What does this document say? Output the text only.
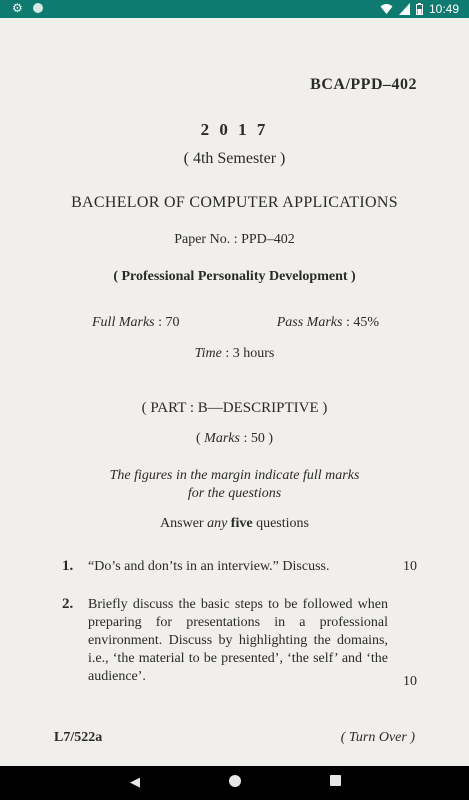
⚙	10:49
BCA/PPD–402
2 0 1 7
( 4th Semester )
BACHELOR OF COMPUTER APPLICATIONS
Paper No. : PPD–402
( Professional Personality Development )
Full Marks : 70	Pass Marks : 45%
Time : 3 hours
( PART : B—DESCRIPTIVE )
( Marks : 50 )
The figures in the margin indicate full marks
for the questions
Answer any five questions
1. “Do’s and don’ts in an interview.” Discuss.	10
2. Briefly discuss the basic steps to be followed when preparing for presentations in a professional environment. Discuss by highlighting the domains, i.e., ‘the material to be presented’, ‘the self’ and ‘the audience’.	10
L7/522a	( Turn Over )
◀
